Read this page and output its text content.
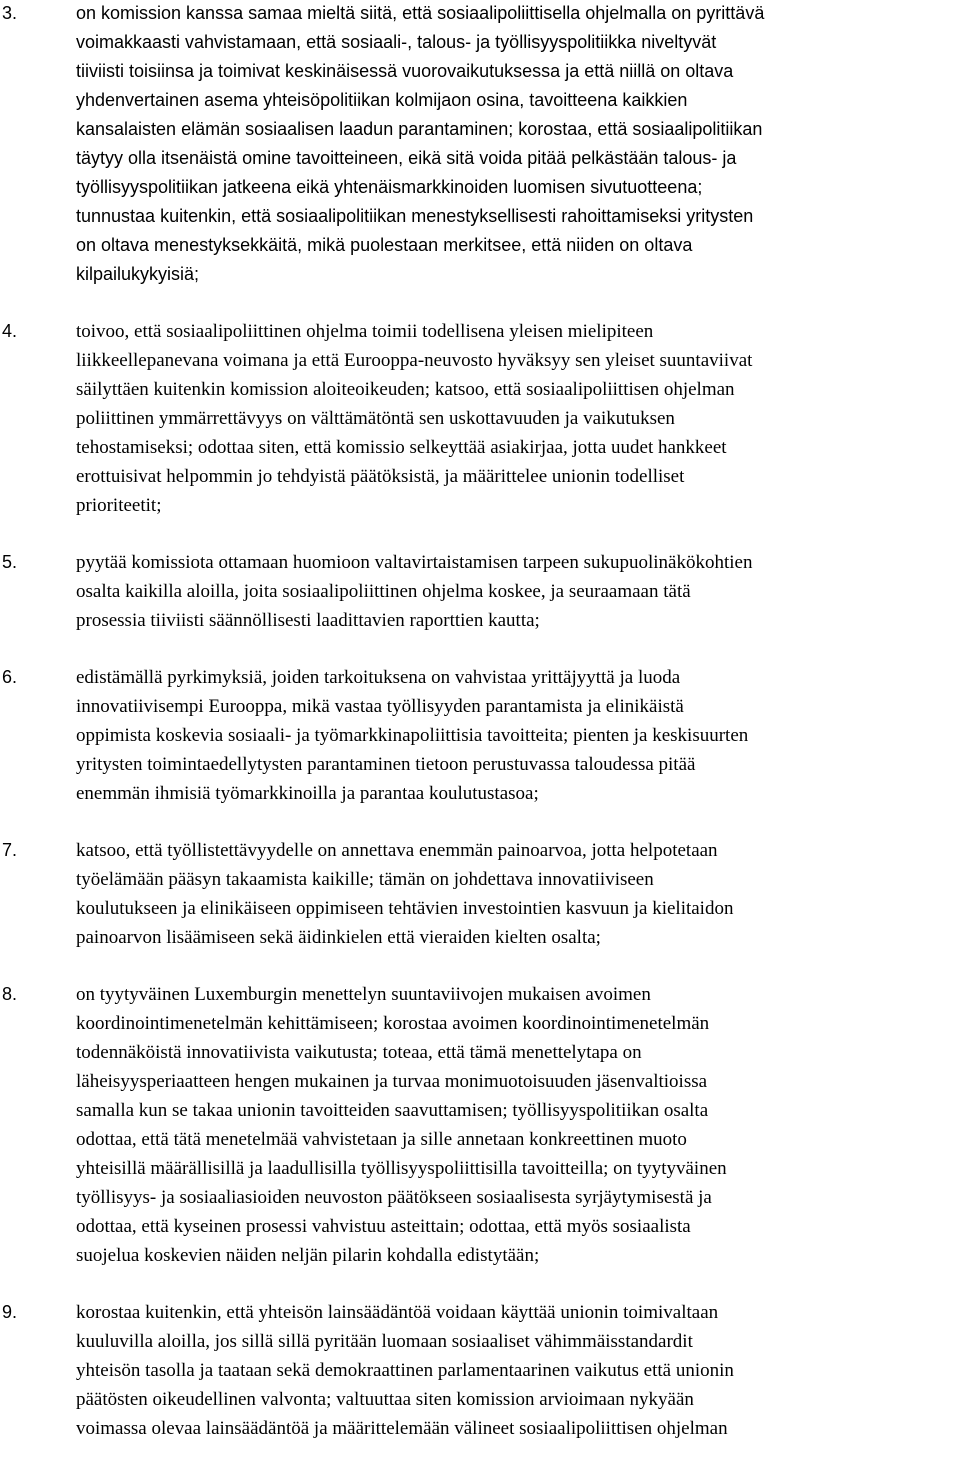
3.	on komission kanssa samaa mieltä siitä, että sosiaalipoliittisella ohjelmalla on pyrittävä
voimakkaasti vahvistamaan, että sosiaali-, talous- ja työllisyyspolitiikka niveltyvät
tiiviisti toisiinsa ja toimivat keskinäisessä vuorovaikutuksessa ja että niillä on oltava
yhdenvertainen asema yhteisöpolitiikan kolmijaon osina, tavoitteena kaikkien
kansalaisten elämän sosiaalisen laadun parantaminen; korostaa, että sosiaalipolitiikan
täytyy olla itsenäistä omine tavoitteineen, eikä sitä voida pitää pelkästään talous- ja
työllisyyspolitiikan jatkeena eikä yhtenäismarkkinoiden luomisen sivutuotteena;
tunnustaa kuitenkin, että sosiaalipolitiikan menestyksellisesti rahoittamiseksi yritysten
on oltava menestyksekkäitä, mikä puolestaan merkitsee, että niiden on oltava
kilpailukykyisiä;
4.	toivoo, että sosiaalipoliittinen ohjelma toimii todellisena yleisen mielipiteen
liikkeellepanevana voimana ja että Eurooppa-neuvosto hyväksyy sen yleiset suuntaviivat
säilyttäen kuitenkin komission aloiteoikeuden; katsoo, että sosiaalipoliittisen ohjelman
poliittinen ymmärrettävyys on välttämätöntä sen uskottavuuden ja vaikutuksen
tehostamiseksi; odottaa siten, että komissio selkeyttää asiakirjaa, jotta uudet hankkeet
erottuisivat helpommin jo tehdyistä päätöksistä, ja määrittelee unionin todelliset
prioriteetit;
5.	pyytää komissiota ottamaan huomioon valtavirtaistamisen tarpeen sukupuolinäkökohtien
osalta kaikilla aloilla, joita sosiaalipoliittinen ohjelma koskee, ja seuraamaan tätä
prosessia tiiviisti säännöllisesti laadittavien raporttien kautta;
6.	edistämällä pyrkimyksiä, joiden tarkoituksena on vahvistaa yrittäjyyttä ja luoda
innovatiivisempi Eurooppa, mikä vastaa työllisyyden parantamista ja elinikäistä
oppimista koskevia sosiaali- ja työmarkkinapoliittisia tavoitteita; pienten ja keskisuurten
yritysten toimintaedellytysten parantaminen tietoon perustuvassa taloudessa pitää
enemmän ihmisiä työmarkkinoilla ja parantaa koulutustasoa;
7.	katsoo, että työllistettävyydelle on annettava enemmän painoarvoa, jotta helpotetaan
työelämään pääsyn takaamista kaikille; tämän on johdettava innovatiiviseen
koulutukseen ja elinikäiseen oppimiseen tehtävien investointien kasvuun ja kielitaidon
painoarvon lisäämiseen sekä äidinkielen että vieraiden kielten osalta;
8.	on tyytyväinen Luxemburgin menettelyn suuntaviivojen mukaisen avoimen
koordinointimenetelmän kehittämiseen; korostaa avoimen koordinointimenetelmän
todennäköistä innovatiivista vaikutusta; toteaa, että tämä menettelytapa on
läheisyysperiaatteen hengen mukainen ja turvaa monimuotoisuuden jäsenvaltioissa
samalla kun se takaa unionin tavoitteiden saavuttamisen; työllisyyspolitiikan osalta
odottaa, että tätä menetelmää vahvistetaan ja sille annetaan konkreettinen muoto
yhteisillä määrällisillä ja laadullisilla työllisyyspoliittisilla tavoitteilla; on tyytyväinen
työllisyys- ja sosiaaliasioiden neuvoston päätökseen sosiaalisesta syrjäytymisestä ja
odottaa, että kyseinen prosessi vahvistuu asteittain; odottaa, että myös sosiaalista
suojelua koskevien näiden neljän pilarin kohdalla edistytään;
9.	korostaa kuitenkin, että yhteisön lainsäädäntöä voidaan käyttää unionin toimivaltaan
kuuluvilla aloilla, jos sillä sillä pyritään luomaan sosiaaliset vähimmäisstandardit
yhteisön tasolla ja taataan sekä demokraattinen parlamentaarinen vaikutus että unionin
päätösten oikeudellinen valvonta; valtuuttaa siten komission arvioimaan nykyään
voimassa olevaa lainsäädäntöä ja määrittelemään välineet sosiaalipoliittisen ohjelman
